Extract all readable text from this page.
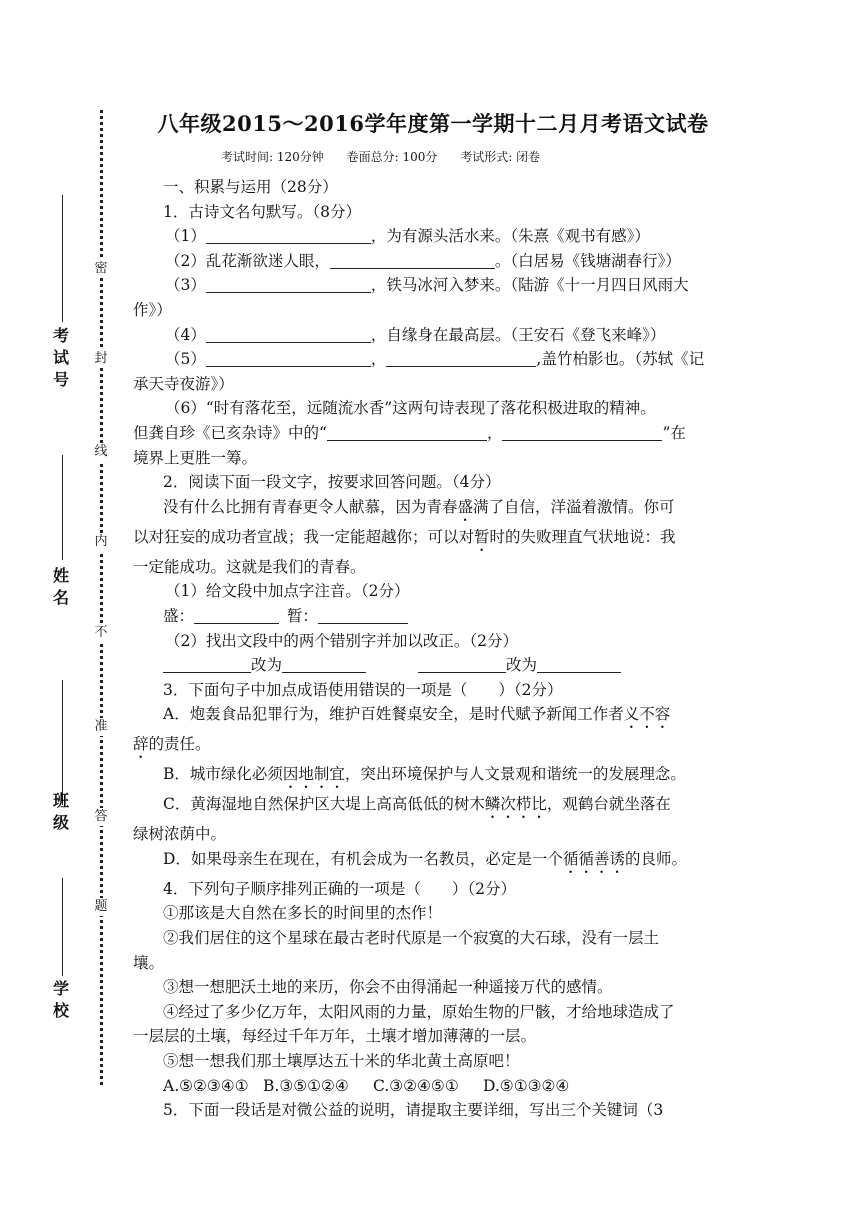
密
封
线
内
不
准
答
题
考试号
姓　名
班　级
学校
八年级2015～2016学年度第一学期十二月月考语文试卷
考试时间: 120分钟      卷面总分: 100分      考试形式: 闭卷

一、积累与运用（28分）

1．古诗文名句默写。（8分）

（1）	，为有源头活水来。（朱熹《观书有感》）

（2）乱花渐欲迷人眼，	。（白居易《钱塘湖春行》）

（3）	，铁马冰河入梦来。（陆游《十一月四日风雨大

作》）

（4）	，自缘身在最高层。（王安石《登飞来峰》）

（5）	，	,盖竹柏影也。（苏轼《记

承天寺夜游》）

（6）“时有落花至，远随流水香”这两句诗表现了落花积极进取的精神。

但龚自珍《已亥杂诗》中的“	，	”在

境界上更胜一筹。

2．阅读下面一段文字，按要求回答问题。（4分）

没有什么比拥有青春更令人献慕，因为青春盛满了自信，洋溢着激情。你可

以对狂妄的成功者宣战；我一定能超越你；可以对暂时的失败理直气状地说：我

一定能成功。这就是我们的青春。

（1）给文段中加点字注音。（2分）

盛：	暂：

（2）找出文段中的两个错别字并加以改正。（2分）

改为	改为

3．下面句子中加点成语使用错误的一项是（　　）（2分）

A．炮轰食品犯罪行为，维护百姓餐桌安全，是时代赋予新闻工作者义不容

辞的责任。

B．城市绿化必须因地制宜，突出环境保护与人文景观和谐统一的发展理念。

C．黄海湿地自然保护区大堤上高高低低的树木鳞次栉比，观鹤台就坐落在

绿树浓荫中。

D．如果母亲生在现在，有机会成为一名教员，必定是一个循循善诱的良师。

4．下列句子顺序排列正确的一项是（　　）（2分）

①那该是大自然在多长的时间里的杰作！

②我们居住的这个星球在最古老时代原是一个寂寞的大石球，没有一层土

壤。

③想一想肥沃土地的来历，你会不由得涌起一种遥接万代的感情。

④经过了多少亿万年，太阳风雨的力量，原始生物的尸骸，才给地球造成了

一层层的土壤，每经过千年万年，土壤才增加薄薄的一层。

⑤想一想我们那土壤厚达五十米的华北黄土高原吧！

A.⑤②③④① B.③⑤①②④ C.③②④⑤① D.⑤①③②④

5．下面一段话是对微公益的说明，请提取主要详细，写出三个关键词（3
